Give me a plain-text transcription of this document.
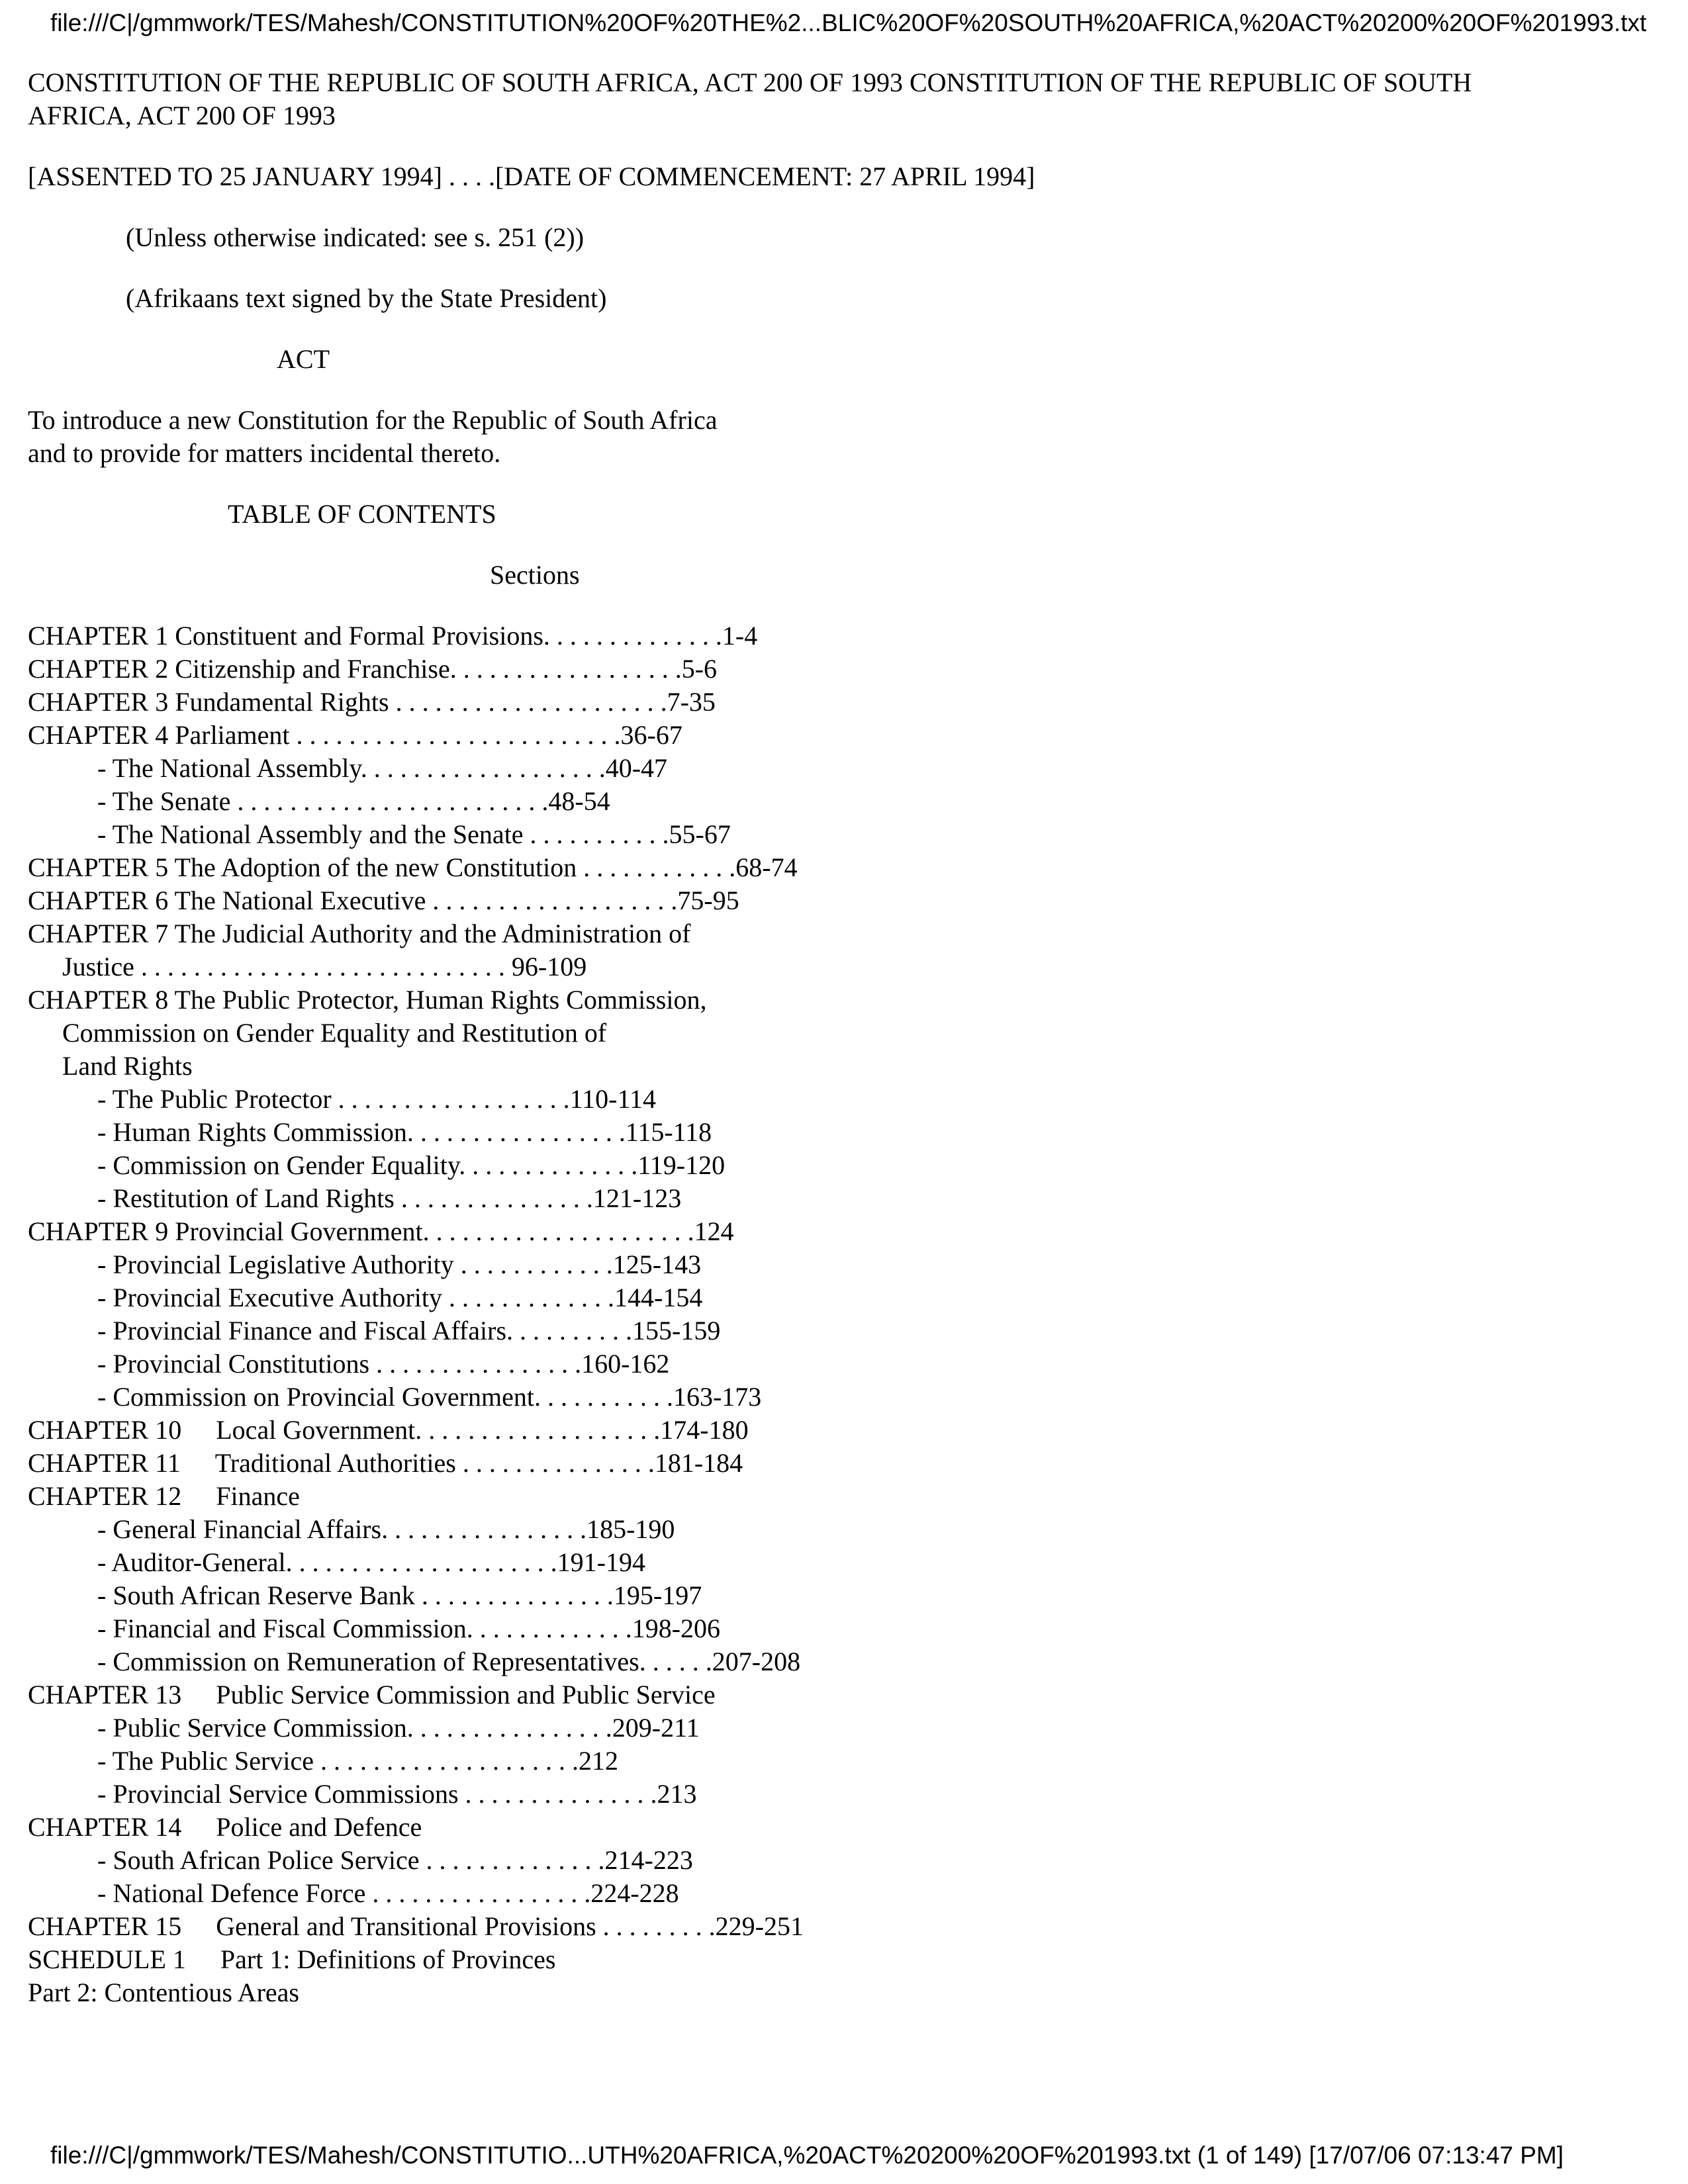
file:///C|/gmmwork/TES/Mahesh/CONSTITUTION%20OF%20THE%2...BLIC%20OF%20SOUTH%20AFRICA,%20ACT%20200%20OF%201993.txt

CONSTITUTION OF THE REPUBLIC OF SOUTH AFRICA, ACT 200 OF 1993 CONSTITUTION OF THE REPUBLIC OF SOUTH AFRICA, ACT 200 OF 1993

[ASSENTED TO 25 JANUARY 1994] . . . .[DATE OF COMMENCEMENT: 27 APRIL 1994]

(Unless otherwise indicated: see s. 251 (2))

(Afrikaans text signed by the State President)

ACT

To introduce a new Constitution for the Republic of South Africa
and to provide for matters incidental thereto.

TABLE OF CONTENTS

Sections

CHAPTER 1 Constituent and Formal Provisions. . . . . . . . . . . . . .1-4
CHAPTER 2 Citizenship and Franchise. . . . . . . . . . . . . . . . . .5-6
CHAPTER 3 Fundamental Rights . . . . . . . . . . . . . . . . . . . . .7-35
CHAPTER 4 Parliament . . . . . . . . . . . . . . . . . . . . . . . . .36-67
- The National Assembly. . . . . . . . . . . . . . . . . . .40-47
- The Senate . . . . . . . . . . . . . . . . . . . . . . . .48-54
- The National Assembly and the Senate . . . . . . . . . . .55-67
CHAPTER 5 The Adoption of the new Constitution . . . . . . . . . . . .68-74
CHAPTER 6 The National Executive . . . . . . . . . . . . . . . . . . .75-95
CHAPTER 7 The Judicial Authority and the Administration of
Justice . . . . . . . . . . . . . . . . . . . . . . . . . . . . 96-109
CHAPTER 8 The Public Protector, Human Rights Commission,
Commission on Gender Equality and Restitution of
Land Rights
- The Public Protector . . . . . . . . . . . . . . . . . .110-114
- Human Rights Commission. . . . . . . . . . . . . . . . .115-118
- Commission on Gender Equality. . . . . . . . . . . . . .119-120
- Restitution of Land Rights . . . . . . . . . . . . . . .121-123
CHAPTER 9 Provincial Government. . . . . . . . . . . . . . . . . . . . .124
- Provincial Legislative Authority . . . . . . . . . . . .125-143
- Provincial Executive Authority . . . . . . . . . . . . .144-154
- Provincial Finance and Fiscal Affairs. . . . . . . . . .155-159
- Provincial Constitutions . . . . . . . . . . . . . . . .160-162
- Commission on Provincial Government. . . . . . . . . . .163-173
CHAPTER 10 Local Government. . . . . . . . . . . . . . . . . . .174-180
CHAPTER 11 Traditional Authorities . . . . . . . . . . . . . . .181-184
CHAPTER 12 Finance
- General Financial Affairs. . . . . . . . . . . . . . . .185-190
- Auditor-General. . . . . . . . . . . . . . . . . . . . .191-194
- South African Reserve Bank . . . . . . . . . . . . . . .195-197
- Financial and Fiscal Commission. . . . . . . . . . . . .198-206
- Commission on Remuneration of Representatives. . . . . .207-208
CHAPTER 13 Public Service Commission and Public Service
- Public Service Commission. . . . . . . . . . . . . . . .209-211
- The Public Service . . . . . . . . . . . . . . . . . . . .212
- Provincial Service Commissions . . . . . . . . . . . . . . .213
CHAPTER 14 Police and Defence
- South African Police Service . . . . . . . . . . . . . .214-223
- National Defence Force . . . . . . . . . . . . . . . . .224-228
CHAPTER 15 General and Transitional Provisions . . . . . . . . .229-251
SCHEDULE 1 Part 1: Definitions of Provinces

Part 2: Contentious Areas

file:///C|/gmmwork/TES/Mahesh/CONSTITUTIO...UTH%20AFRICA,%20ACT%20200%20OF%201993.txt (1 of 149) [17/07/06 07:13:47 PM]
